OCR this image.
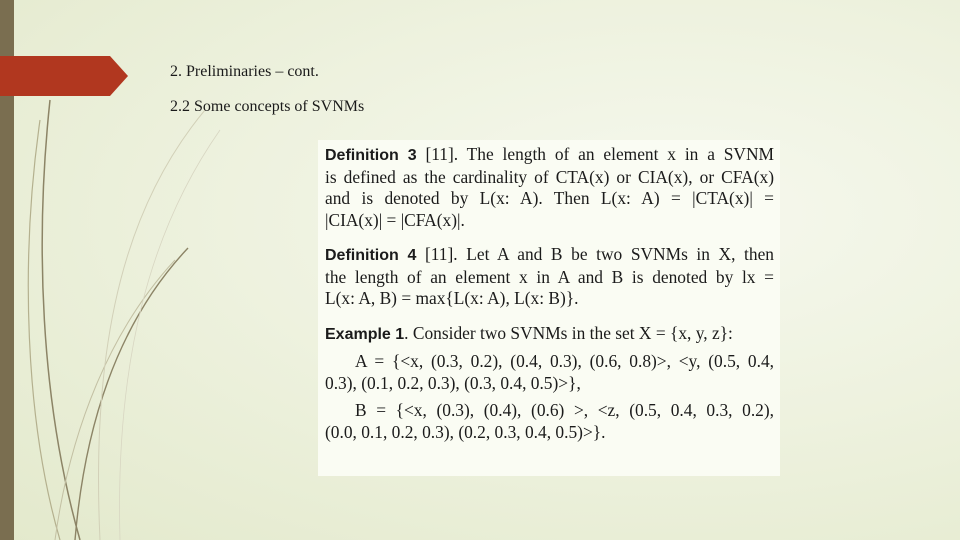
2. Preliminaries – cont.
2.2 Some concepts of SVNMs
Definition 3 [11]. The length of an element x in a SVNM
is defined as the cardinality of CTA(x) or CIA(x), or CFA(x)
and is denoted by L(x: A). Then L(x: A) = |CTA(x)| =
|CIA(x)| = |CFA(x)|.
Definition 4 [11]. Let A and B be two SVNMs in X, then
the length of an element x in A and B is denoted by lx =
L(x: A, B) = max{L(x: A), L(x: B)}.
Example 1. Consider two SVNMs in the set X = {x, y, z}:
A = {<x, (0.3, 0.2), (0.4, 0.3), (0.6, 0.8)>, <y, (0.5, 0.4,
0.3), (0.1, 0.2, 0.3), (0.3, 0.4, 0.5)>},
B = {<x, (0.3), (0.4), (0.6) >, <z, (0.5, 0.4, 0.3, 0.2),
(0.0, 0.1, 0.2, 0.3), (0.2, 0.3, 0.4, 0.5)>}.
